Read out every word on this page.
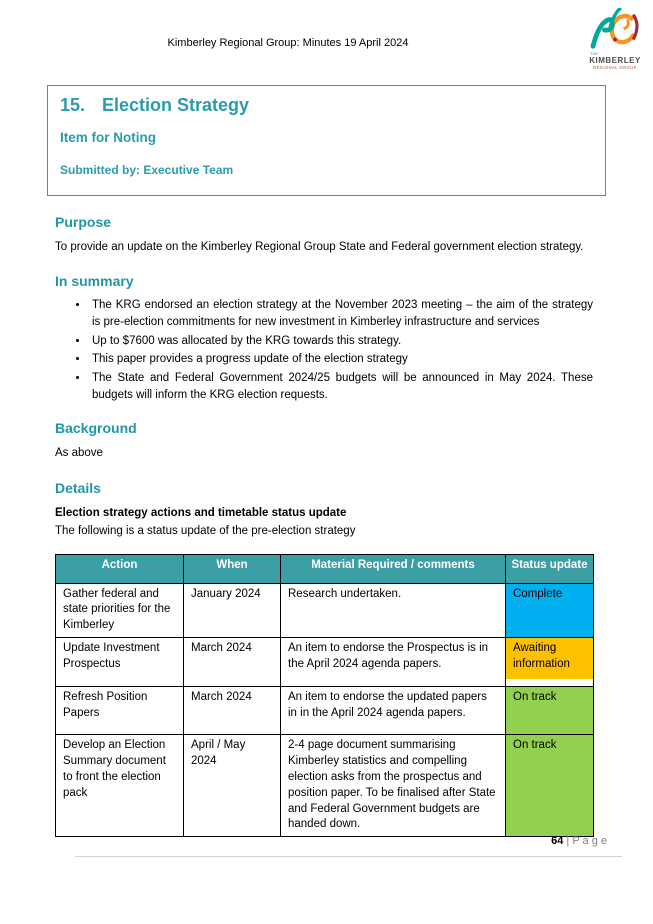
Kimberley Regional Group: Minutes 19 April 2024
THE
KIMBERLEY
REGIONAL GROUP
15. Election Strategy
Item for Noting
Submitted by: Executive Team
Purpose

To provide an update on the Kimberley Regional Group State and Federal government election strategy.

In summary
• The KRG endorsed an election strategy at the November 2023 meeting – the aim of the strategy is pre-election commitments for new investment in Kimberley infrastructure and services
• Up to $7600 was allocated by the KRG towards this strategy.
• This paper provides a progress update of the election strategy
• The State and Federal Government 2024/25 budgets will be announced in May 2024. These budgets will inform the KRG election requests.
Background

As above

Details

Election strategy actions and timetable status update

The following is a status update of the pre-election strategy

Action	When	Material Required / comments	Status update
Gather federal and state priorities for the Kimberley	January 2024	Research undertaken.	Complete

Update Investment Prospectus	March 2024	An item to endorse the Prospectus is in the April 2024 agenda papers.	Awaiting information

Refresh Position Papers	March 2024	An item to endorse the updated papers in in the April 2024 agenda papers.	On track

Develop an Election Summary document to front the election pack	April / May 2024	2-4 page document summarising Kimberley statistics and compelling election asks from the prospectus and position paper. To be finalised after State and Federal Government budgets are handed down.	On track
64 | P a g e
